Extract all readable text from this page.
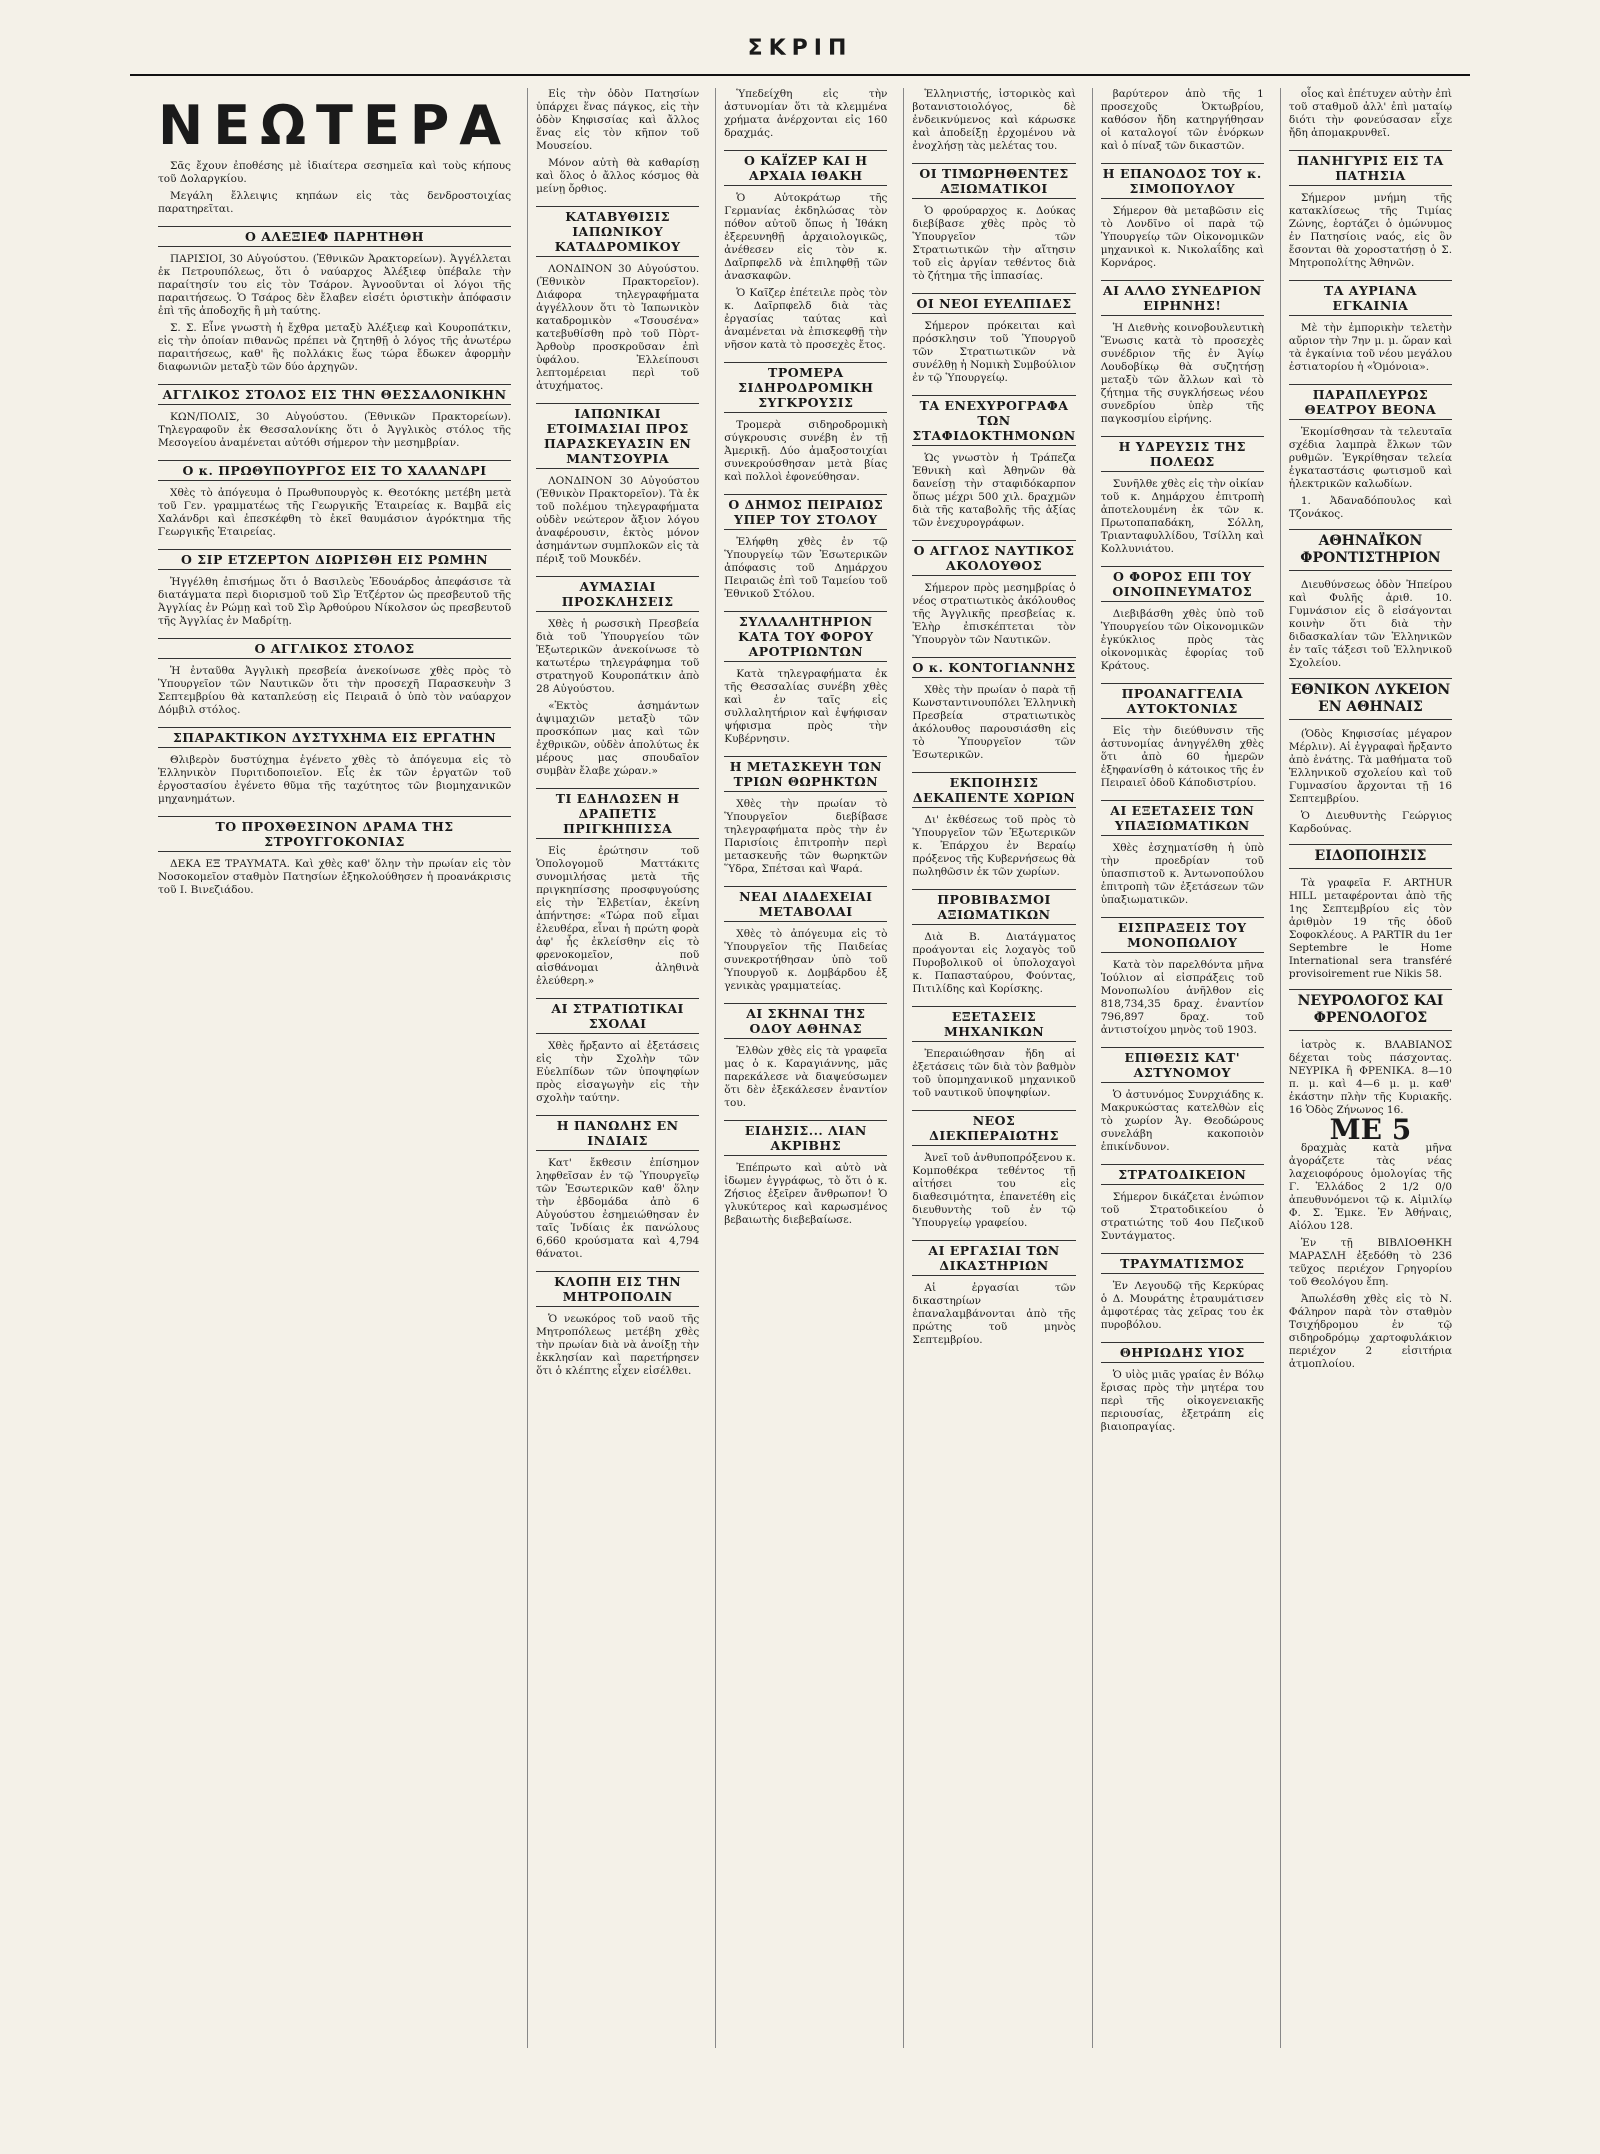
ΣΚΡΙΠ
ΝΕΩΤΕΡΑ
Σᾶς ἔχουν ἐποθέσης μὲ ἰδιαίτερα σεσημεῖα καὶ τοὺς κήπους τοῦ Δολαργκίου.
Μεγάλη ἔλλειψις κηπάων εἰς τὰς δενδροστοιχίας παρατηρεῖται.
Ο ΑΛΕΞΙΕΦ ΠΑΡΗΤΗΘΗ
ΠΑΡΙΣΙΟΙ, 30 Αὐγούστου. (Ἐθνικῶν Ἀρακτορείων). Ἀγγέλλεται ἐκ Πετρουπόλεως, ὅτι ὁ ναύαρχος Ἀλέξιεφ ὑπέβαλε τὴν παραίτησίν του εἰς τὸν Τσάρον. Ἀγνοοῦνται οἱ λόγοι τῆς παραιτήσεως. Ὁ Τσάρος δὲν ἔλαβεν εἰσέτι ὁριστικὴν ἀπόφασιν ἐπὶ τῆς ἀποδοχῆς ἢ μὴ ταύτης.
Σ. Σ. Εἶνε γνωστὴ ἡ ἔχθρα μεταξὺ Ἀλέξιεφ καὶ Κουροπάτκιν, εἰς τὴν ὁποίαν πιθανῶς πρέπει νὰ ζητηθῇ ὁ λόγος τῆς ἀνωτέρω παραιτήσεως, καθ' ἣς πολλάκις ἕως τώρα ἔδωκεν ἀφορμὴν διαφωνιῶν μεταξὺ τῶν δύο ἀρχηγῶν.
ΑΓΓΛΙΚΟΣ ΣΤΟΛΟΣ ΕΙΣ ΤΗΝ ΘΕΣΣΑΛΟΝΙΚΗΝ
ΚΩΝ/ΠΟΛΙΣ, 30 Αὐγούστου. (Ἐθνικῶν Πρακτορείων). Τηλεγραφοῦν ἐκ Θεσσαλονίκης ὅτι ὁ Ἀγγλικὸς στόλος τῆς Μεσογείου ἀναμένεται αὐτόθι σήμερον τὴν μεσημβρίαν.
Ο κ. ΠΡΩΘΥΠΟΥΡΓΟΣ ΕΙΣ ΤΟ ΧΑΛΑΝΔΡΙ
Χθὲς τὸ ἀπόγευμα ὁ Πρωθυπουργὸς κ. Θεοτόκης μετέβη μετὰ τοῦ Γεν. γραμματέως τῆς Γεωργικῆς Ἑταιρείας κ. Βαμβᾶ εἰς Χαλάνδρι καὶ ἐπεσκέφθη τὸ ἐκεῖ θαυμάσιον ἀγρόκτημα τῆς Γεωργικῆς Ἑταιρείας.
Ο ΣΙΡ ΕΤΖΕΡΤΟΝ ΔΙΩΡΙΣΘΗ ΕΙΣ ΡΩΜΗΝ
Ἠγγέλθη ἐπισήμως ὅτι ὁ Βασιλεὺς Ἐδουάρδος ἀπεφάσισε τὰ διατάγματα περὶ διορισμοῦ τοῦ Σὶρ Ἐτζέρτον ὡς πρεσβευτοῦ τῆς Ἀγγλίας ἐν Ρώμῃ καὶ τοῦ Σὶρ Ἀρθούρου Νίκολσον ὡς πρεσβευτοῦ τῆς Ἀγγλίας ἐν Μαδρίτῃ.
Ο ΑΓΓΛΙΚΟΣ ΣΤΟΛΟΣ
Ἡ ἐνταῦθα Ἀγγλικὴ πρεσβεία ἀνεκοίνωσε χθὲς πρὸς τὸ Ὑπουργεῖον τῶν Ναυτικῶν ὅτι τὴν προσεχῆ Παρασκευὴν 3 Σεπτεμβρίου θὰ καταπλεύσῃ εἰς Πειραιᾶ ὁ ὑπὸ τὸν ναύαρχον Δόμβιλ στόλος.
ΣΠΑΡΑΚΤΙΚΟΝ ΔΥΣΤΥΧΗΜΑ ΕΙΣ ΕΡΓΑΤΗΝ
Θλιβερὸν δυστύχημα ἐγένετο χθὲς τὸ ἀπόγευμα εἰς τὸ Ἑλληνικὸν Πυριτιδοποιεῖον. Εἷς ἐκ τῶν ἐργατῶν τοῦ ἐργοστασίου ἐγένετο θῦμα τῆς ταχύτητος τῶν βιομηχανικῶν μηχανημάτων.
ΤΟ ΠΡΟΧΘΕΣΙΝΟΝ ΔΡΑΜΑ ΤΗΣ ΣΤΡΟΥΓΓΟΚΟΝΙΑΣ
ΔΕΚΑ ΕΞ ΤΡΑΥΜΑΤΑ. Καὶ χθὲς καθ' ὅλην τὴν πρωίαν εἰς τὸν Νοσοκομεῖον σταθμὸν Πατησίων ἐξηκολούθησεν ἡ προανάκρισις τοῦ Ι. Βινεζιάδου.
Εἰς τὴν ὁδὸν Πατησίων ὑπάρχει ἕνας πάγκος, εἰς τὴν ὁδὸν Κηφισσίας καὶ ἄλλος ἕνας εἰς τὸν κῆπον τοῦ Μουσείου.
Μόνον αὐτὴ θὰ καθαρίσῃ καὶ ὅλος ὁ ἄλλος κόσμος θὰ μείνῃ ὄρθιος.
ΚΑΤΑΒΥΘΙΣΙΣ ΙΑΠΩΝΙΚΟΥ ΚΑΤΑΔΡΟΜΙΚΟΥ
ΛΟΝΔΙΝΟΝ 30 Αὐγούστου. (Ἐθνικὸν Πρακτορεῖον). Διάφορα τηλεγραφήματα ἀγγέλλουν ὅτι τὸ Ἰαπωνικὸν καταδρομικὸν «Τσουσένα» κατεβυθίσθη πρὸ τοῦ Πὸρτ-Ἀρθοὺρ προσκροῦσαν ἐπὶ ὑφάλου. Ἐλλείπουσι λεπτομέρειαι περὶ τοῦ ἀτυχήματος.
ΙΑΠΩΝΙΚΑΙ ΕΤΟΙΜΑΣΙΑΙ ΠΡΟΣ ΠΑΡΑΣΚΕΥΑΣΙΝ ΕΝ ΜΑΝΤΣΟΥΡΙΑ
ΛΟΝΔΙΝΟΝ 30 Αὐγούστου (Ἐθνικὸν Πρακτορεῖον). Τὰ ἐκ τοῦ πολέμου τηλεγραφήματα οὐδὲν νεώτερον ἄξιον λόγου ἀναφέρουσιν, ἐκτὸς μόνον ἀσημάντων συμπλοκῶν εἰς τὰ πέριξ τοῦ Μουκδέν.
ΑΥΜΑΣΙΑΙ ΠΡΟΣΚΛΗΣΕΙΣ
Χθὲς ἡ ρωσσικὴ Πρεσβεία διὰ τοῦ Ὑπουργείου τῶν Ἐξωτερικῶν ἀνεκοίνωσε τὸ κατωτέρω τηλεγράφημα τοῦ στρατηγοῦ Κουροπάτκιν ἀπὸ 28 Αὐγούστου.
«Ἐκτὸς ἀσημάντων ἀψιμαχιῶν μεταξὺ τῶν προσκόπων μας καὶ τῶν ἐχθρικῶν, οὐδὲν ἀπολύτως ἐκ μέρους μας σπουδαῖον συμβὰν ἔλαβε χώραν.»
ΤΙ ΕΔΗΛΩΣΕΝ Η ΔΡΑΠΕΤΙΣ ΠΡΙΓΚΗΠΙΣΣΑ
Εἰς ἐρώτησιν τοῦ Ὁπολογομοῦ Ματτάκιτς συνομιλήσας μετὰ τῆς πριγκηπίσσης προσφυγούσης εἰς τὴν Ἑλβετίαν, ἐκείνη ἀπήντησε: «Τώρα ποῦ εἶμαι ἐλευθέρα, εἶναι ἡ πρώτη φορὰ ἀφ' ἧς ἐκλείσθην εἰς τὸ φρενοκομεῖον, ποῦ αἰσθάνομαι ἀληθινὰ ἐλεύθερη.»
ΑΙ ΣΤΡΑΤΙΩΤΙΚΑΙ ΣΧΟΛΑΙ
Χθὲς ἤρξαντο αἱ ἐξετάσεις εἰς τὴν Σχολὴν τῶν Εὐελπίδων τῶν ὑποψηφίων πρὸς εἰσαγωγὴν εἰς τὴν σχολὴν ταύτην.
Η ΠΑΝΩΛΗΣ ΕΝ ΙΝΔΙΑΙΣ
Κατ' ἔκθεσιν ἐπίσημον ληφθεῖσαν ἐν τῷ Ὑπουργεῖῳ τῶν Ἐσωτερικῶν καθ' ὅλην τὴν ἑβδομάδα ἀπὸ 6 Αὐγούστου ἐσημειώθησαν ἐν ταῖς Ἰνδίαις ἐκ πανώλους 6,660 κρούσματα καὶ 4,794 θάνατοι.
ΚΛΟΠΗ ΕΙΣ ΤΗΝ ΜΗΤΡΟΠΟΛΙΝ
Ὁ νεωκόρος τοῦ ναοῦ τῆς Μητροπόλεως μετέβη χθὲς τὴν πρωίαν διὰ νὰ ἀνοίξῃ τὴν ἐκκλησίαν καὶ παρετήρησεν ὅτι ὁ κλέπτης εἶχεν εἰσέλθει.
Ὑπεδείχθη εἰς τὴν ἀστυνομίαν ὅτι τὰ κλεμμένα χρήματα ἀνέρχονται εἰς 160 δραχμάς.
Ο ΚΑΪΖΕΡ ΚΑΙ Η ΑΡΧΑΙΑ ΙΘΑΚΗ
Ὁ Αὐτοκράτωρ τῆς Γερμανίας ἐκδηλώσας τὸν πόθον αὐτοῦ ὅπως ἡ Ἰθάκη ἐξερευνηθῇ ἀρχαιολογικῶς, ἀνέθεσεν εἰς τὸν κ. Δαῖρπφελδ νὰ ἐπιληφθῇ τῶν ἀνασκαφῶν.
Ὁ Καῖζερ ἐπέτειλε πρὸς τὸν κ. Δαῖρπφελδ διὰ τὰς ἐργασίας ταύτας καὶ ἀναμένεται νὰ ἐπισκεφθῇ τὴν νῆσον κατὰ τὸ προσεχὲς ἔτος.
ΤΡΟΜΕΡΑ ΣΙΔΗΡΟΔΡΟΜΙΚΗ ΣΥΓΚΡΟΥΣΙΣ
Τρομερὰ σιδηροδρομικὴ σύγκρουσις συνέβη ἐν τῇ Ἀμερικῇ. Δύο ἀμαξοστοιχίαι συνεκρούσθησαν μετὰ βίας καὶ πολλοὶ ἐφονεύθησαν.
Ο ΔΗΜΟΣ ΠΕΙΡΑΙΩΣ ΥΠΕΡ ΤΟΥ ΣΤΟΛΟΥ
Ἐλήφθη χθὲς ἐν τῷ Ὑπουργείῳ τῶν Ἐσωτερικῶν ἀπόφασις τοῦ Δημάρχου Πειραιῶς ἐπὶ τοῦ Ταμείου τοῦ Ἐθνικοῦ Στόλου.
ΣΥΛΛΑΛΗΤΗΡΙΟΝ ΚΑΤΑ ΤΟΥ ΦΟΡΟΥ ΑΡΟΤΡΙΩΝΤΩΝ
Κατὰ τηλεγραφήματα ἐκ τῆς Θεσσαλίας συνέβη χθὲς καὶ ἐν ταῖς εἰς συλλαλητήριον καὶ ἐψήφισαν ψήφισμα πρὸς τὴν Κυβέρνησιν.
Η ΜΕΤΑΣΚΕΥΗ ΤΩΝ ΤΡΙΩΝ ΘΩΡΗΚΤΩΝ
Χθὲς τὴν πρωίαν τὸ Ὑπουργεῖον διεβίβασε τηλεγραφήματα πρὸς τὴν ἐν Παρισίοις ἐπιτροπὴν περὶ μετασκευῆς τῶν θωρηκτῶν Ὕδρα, Σπέτσαι καὶ Ψαρά.
ΝΕΑΙ ΔΙΑΔΕΧΕΙΑΙ ΜΕΤΑΒΟΛΑΙ
Χθὲς τὸ ἀπόγευμα εἰς τὸ Ὑπουργεῖον τῆς Παιδείας συνεκροτήθησαν ὑπὸ τοῦ Ὑπουργοῦ κ. Δομβάρδου ἐξ γενικὰς γραμματείας.
ΑΙ ΣΚΗΝΑΙ ΤΗΣ ΟΔΟΥ ΑΘΗΝΑΣ
Ἐλθὼν χθὲς εἰς τὰ γραφεῖα μας ὁ κ. Καραγιάννης, μᾶς παρεκάλεσε νὰ διαψεύσωμεν ὅτι δὲν ἐξεκάλεσεν ἐναντίον του.
ΕΙΔΗΣΙΣ... ΛΙΑΝ ΑΚΡΙΒΗΣ
Ἐπέπρωτο καὶ αὐτὸ νὰ ἰδωμεν ἐγγράφως, τὸ ὅτι ὁ κ. Ζήσιος ἐξεῖρεν ἄνθρωπον! Ὁ γλυκύτερος καὶ καρωσμένος βεβαιωτὴς διεβεβαίωσε.
Ἑλληνιστής, ἱστορικὸς καὶ βοτανιστοιολόγος, δὲ ἐνδεικνύμενος καὶ κάρωσκε καὶ ἀποδείξῃ ἐρχομένου νὰ ἐνοχλήσῃ τὰς μελέτας του.
ΟΙ ΤΙΜΩΡΗΘΕΝΤΕΣ ΑΞΙΩΜΑΤΙΚΟΙ
Ὁ φρούραρχος κ. Δούκας διεβίβασε χθὲς πρὸς τὸ Ὑπουργεῖον τῶν Στρατιωτικῶν τὴν αἴτησιν τοῦ εἰς ἀργίαν τεθέντος διὰ τὸ ζήτημα τῆς ἱππασίας.
ΟΙ ΝΕΟΙ ΕΥΕΛΠΙΔΕΣ
Σήμερον πρόκειται καὶ πρόσκλησιν τοῦ Ὑπουργοῦ τῶν Στρατιωτικῶν νὰ συνέλθῃ ἡ Νομικὴ Συμβούλιον ἐν τῷ Ὑπουργείῳ.
ΤΑ ΕΝΕΧΥΡΟΓΡΑΦΑ ΤΩΝ ΣΤΑΦΙΔΟΚΤΗΜΟΝΩΝ
Ὡς γνωστὸν ἡ Τράπεζα Ἐθνικὴ καὶ Ἀθηνῶν θὰ δανείσῃ τὴν σταφιδόκαρπον ὅπως μέχρι 500 χιλ. δραχμῶν διὰ τῆς καταβολῆς τῆς ἀξίας τῶν ἐνεχυρογράφων.
Ο ΑΓΓΛΟΣ ΝΑΥΤΙΚΟΣ ΑΚΟΛΟΥΘΟΣ
Σήμερον πρὸς μεσημβρίας ὁ νέος στρατιωτικὸς ἀκόλουθος τῆς Ἀγγλικῆς πρεσβείας κ. Ἐλὴρ ἐπισκέπτεται τὸν Ὑπουργὸν τῶν Ναυτικῶν.
Ο κ. ΚΟΝΤΟΓΙΑΝΝΗΣ
Χθὲς τὴν πρωίαν ὁ παρὰ τῇ Κωνσταντινουπόλει Ἑλληνικὴ Πρεσβεία στρατιωτικὸς ἀκόλουθος παρουσιάσθη εἰς τὸ Ὑπουργεῖον τῶν Ἐσωτερικῶν.
ΕΚΠΟΙΗΣΙΣ ΔΕΚΑΠΕΝΤΕ ΧΩΡΙΩΝ
Δι' ἐκθέσεως τοῦ πρὸς τὸ Ὑπουργεῖον τῶν Ἐξωτερικῶν κ. Ἐπάρχου ἐν Βεραίῳ πρόξενος τῆς Κυβερνήσεως θὰ πωληθῶσιν ἐκ τῶν χωρίων.
ΠΡΟΒΙΒΑΣΜΟΙ ΑΞΙΩΜΑΤΙΚΩΝ
Διὰ Β. Διατάγματος προάγονται εἰς λοχαγὸς τοῦ Πυροβολικοῦ οἱ ὑπολοχαγοὶ κ. Παπασταύρου, Φούντας, Πιτιλίδης καὶ Κορίσκης.
ΕΞΕΤΑΣΕΙΣ ΜΗΧΑΝΙΚΩΝ
Ἐπεραιώθησαν ἤδη αἱ ἐξετάσεις τῶν διὰ τὸν βαθμὸν τοῦ ὑπομηχανικοῦ μηχανικοῦ τοῦ ναυτικοῦ ὑποψηφίων.
ΝΕΟΣ ΔΙΕΚΠΕΡΑΙΩΤΗΣ
Ἀνεῖ τοῦ ἀνθυποπρόξενου κ. Κομποθέκρα τεθέντος τῇ αἰτήσει του εἰς διαθεσιμότητα, ἐπανετέθη εἰς διευθυντὴς τοῦ ἐν τῷ Ὑπουργείῳ γραφείου.
ΑΙ ΕΡΓΑΣΙΑΙ ΤΩΝ ΔΙΚΑΣΤΗΡΙΩΝ
Αἱ ἐργασίαι τῶν δικαστηρίων ἐπαναλαμβάνονται ἀπὸ τῆς πρώτης τοῦ μηνὸς Σεπτεμβρίου.
βαρύτερον ἀπὸ τῆς 1 προσεχοῦς Ὀκτωβρίου, καθόσον ἤδη κατηργήθησαν οἱ καταλογοί τῶν ἐνόρκων καὶ ὁ πίναξ τῶν δικαστῶν.
Η ΕΠΑΝΟΔΟΣ ΤΟΥ κ. ΣΙΜΟΠΟΥΛΟΥ
Σήμερον θὰ μεταβῶσιν εἰς τὸ Λονδῖνο οἱ παρὰ τῷ Ὑπουργείῳ τῶν Οἰκονομικῶν μηχανικοὶ κ. Νικολαΐδης καὶ Κορνάρος.
ΑΙ ΑΛΛΟ ΣΥΝΕΔΡΙΟΝ ΕΙΡΗΝΗΣ!
Ἡ Διεθνὴς κοινοβουλευτικὴ Ἕνωσις κατὰ τὸ προσεχὲς συνέδριον τῆς ἐν Ἁγίῳ Λουδοβίκῳ θὰ συζητήσῃ μεταξὺ τῶν ἄλλων καὶ τὸ ζήτημα τῆς συγκλήσεως νέου συνεδρίου ὑπὲρ τῆς παγκοσμίου εἰρήνης.
Η ΥΔΡΕΥΣΙΣ ΤΗΣ ΠΟΛΕΩΣ
Συνῆλθε χθὲς εἰς τὴν οἰκίαν τοῦ κ. Δημάρχου ἐπιτροπὴ ἀποτελουμένη ἐκ τῶν κ. Πρωτοπαπαδάκη, Σόλλη, Τριανταφυλλίδου, Τσίλλη καὶ Κολλυνιάτου.
Ο ΦΟΡΟΣ ΕΠΙ ΤΟΥ ΟΙΝΟΠΝΕΥΜΑΤΟΣ
Διεβιβάσθη χθὲς ὑπὸ τοῦ Ὑπουργείου τῶν Οἰκονομικῶν ἐγκύκλιος πρὸς τὰς οἰκονομικὰς ἐφορίας τοῦ Κράτους.
ΠΡΟΑΝΑΓΓΕΛΙΑ ΑΥΤΟΚΤΟΝΙΑΣ
Εἰς τὴν διεύθυνσιν τῆς ἀστυνομίας ἀνηγγέλθη χθὲς ὅτι ἀπὸ 60 ἡμερῶν ἐξηφανίσθη ὁ κάτοικος τῆς ἐν Πειραιεῖ ὁδοῦ Κάποδιστρίου.
ΑΙ ΕΞΕΤΑΣΕΙΣ ΤΩΝ ΥΠΑΞΙΩΜΑΤΙΚΩΝ
Χθὲς ἐσχηματίσθη ἡ ὑπὸ τὴν προεδρίαν τοῦ ὑπασπιστοῦ κ. Ἀντωνοπούλου ἐπιτροπὴ τῶν ἐξετάσεων τῶν ὑπαξιωματικῶν.
ΕΙΣΠΡΑΞΕΙΣ ΤΟΥ ΜΟΝΟΠΩΛΙΟΥ
Κατὰ τὸν παρελθόντα μῆνα Ἰούλιον αἱ εἰσπράξεις τοῦ Μονοπωλίου ἀνῆλθον εἰς 818,734,35 δραχ. ἐναντίον 796,897 δραχ. τοῦ ἀντιστοίχου μηνὸς τοῦ 1903.
ΕΠΙΘΕΣΙΣ ΚΑΤ' ΑΣΤΥΝΟΜΟΥ
Ὁ ἀστυνόμος Συνρχιάδης κ. Μακρυκώστας κατελθὼν εἰς τὸ χωρίον Ἁγ. Θεοδώρους συνελάβη κακοποιὸν ἐπικίνδυνον.
ΣΤΡΑΤΟΔΙΚΕΙΟΝ
Σήμερον δικάζεται ἐνώπιον τοῦ Στρατοδικείου ὁ στρατιώτης τοῦ 4ου Πεζικοῦ Συντάγματος.
ΤΡΑΥΜΑΤΙΣΜΟΣ
Ἐν Λεγουδῷ τῆς Κερκύρας ὁ Δ. Μουράτης ἐτραυμάτισεν ἀμφοτέρας τὰς χεῖρας του ἐκ πυροβόλου.
ΘΗΡΙΩΔΗΣ ΥΙΟΣ
Ὁ υἱὸς μιᾶς γραίας ἐν Βόλῳ ἔρισας πρὸς τὴν μητέρα του περὶ τῆς οἰκογενειακῆς περιουσίας, ἐξετράπη εἰς βιαιοπραγίας.
οἷος καὶ ἐπέτυχεν αὐτὴν ἐπὶ τοῦ σταθμοῦ ἀλλ' ἐπὶ ματαίῳ διότι τὴν φονεύσασαν εἶχε ἤδη ἀπομακρυνθεῖ.
ΠΑΝΗΓΥΡΙΣ ΕΙΣ ΤΑ ΠΑΤΗΣΙΑ
Σήμερον μνήμη τῆς κατακλίσεως τῆς Τιμίας Ζώνης, ἑορτάζει ὁ ὁμώνυμος ἐν Πατησίοις ναός, εἰς ὃν ἔσονται θὰ χοροστατήσῃ ὁ Σ. Μητροπολίτης Ἀθηνῶν.
ΤΑ ΑΥΡΙΑΝΑ ΕΓΚΑΙΝΙΑ
Μὲ τὴν ἐμπορικὴν τελετὴν αὔριον τὴν 7ην μ. μ. ὥραν καὶ τὰ ἐγκαίνια τοῦ νέου μεγάλου ἐστιατορίου ἡ «Ὁμόνοια».
ΠΑΡΑΠΛΕΥΡΩΣ ΘΕΑΤΡΟΥ ΒΕΟΝΑ
Ἐκομίσθησαν τὰ τελευταῖα σχέδια λαμπρὰ ἔλκων τῶν ρυθμῶν. Ἐγκρίθησαν τελεία ἐγκαταστάσις φωτισμοῦ καὶ ἠλεκτρικῶν καλωδίων.
1. Ἀδαναδόπουλος καὶ Τζονάκος.
ΑΘΗΝΑΪΚΟΝ ΦΡΟΝΤΙΣΤΗΡΙΟΝ
Διευθύνσεως ὁδὸν Ἠπείρου καὶ Φυλῆς ἀριθ. 10. Γυμνάσιον εἰς ὃ εἰσάγονται κοινὴν ὅτι διὰ τὴν διδασκαλίαν τῶν Ἑλληνικῶν ἐν ταῖς τάξεσι τοῦ Ἑλληνικοῦ Σχολείου.
ΕΘΝΙΚΟΝ ΛΥΚΕΙΟΝ ΕΝ ΑΘΗΝΑΙΣ
(Ὁδὸς Κηφισσίας μέγαρον Μέρλιν). Αἱ ἐγγραφαὶ ἤρξαντο ἀπὸ ἐνάτης. Τὰ μαθήματα τοῦ Ἑλληνικοῦ σχολείου καὶ τοῦ Γυμνασίου ἄρχονται τῇ 16 Σεπτεμβρίου.
Ὁ Διευθυντὴς Γεώργιος Καρδούνας.
ΕΙΔΟΠΟΙΗΣΙΣ
Τὰ γραφεῖα F. ARTHUR HILL μεταφέρονται ἀπὸ τῆς 1ης Σεπτεμβρίου εἰς τὸν ἀριθμὸν 19 τῆς ὁδοῦ Σοφοκλέους. A PARTIR du 1er Septembre le Home International sera transféré provisoirement rue Nikis 58.
ΝΕΥΡΟΛΟΓΟΣ ΚΑΙ ΦΡΕΝΟΛΟΓΟΣ
ἰατρὸς κ. ΒΛΑΒΙΑΝΟΣ δέχεται τοὺς πάσχοντας. ΝΕΥΡΙΚΑ ἢ ΦΡΕΝΙΚΑ. 8—10 π. μ. καὶ 4—6 μ. μ. καθ' ἑκάστην πλὴν τῆς Κυριακῆς. 16 Ὁδὸς Ζήνωνος 16.
ΜΕ 5
δραχμὰς κατὰ μῆνα ἀγοράζετε τὰς νέας λαχειοφόρους ὁμολογίας τῆς Γ. Ἑλλάδος 2 1/2 0/0 ἀπευθυνόμενοι τῷ κ. Αἰμιλίῳ Φ. Σ. Ἐμκε. Ἐν Ἀθήναις, Αἰόλου 128.
Ἐν τῇ ΒΙΒΛΙΟΘΗΚΗ ΜΑΡΑΣΛΗ ἐξεδόθη τὸ 236 τεῦχος περιέχον Γρηγορίου τοῦ Θεολόγου ἔπη.
Ἀπωλέσθη χθὲς εἰς τὸ Ν. Φάληρον παρὰ τὸν σταθμὸν Τσιχήδρομου ἐν τῷ σιδηροδρόμῳ χαρτοφυλάκιον περιέχον 2 εἰσιτήρια ἀτμοπλοίου.
